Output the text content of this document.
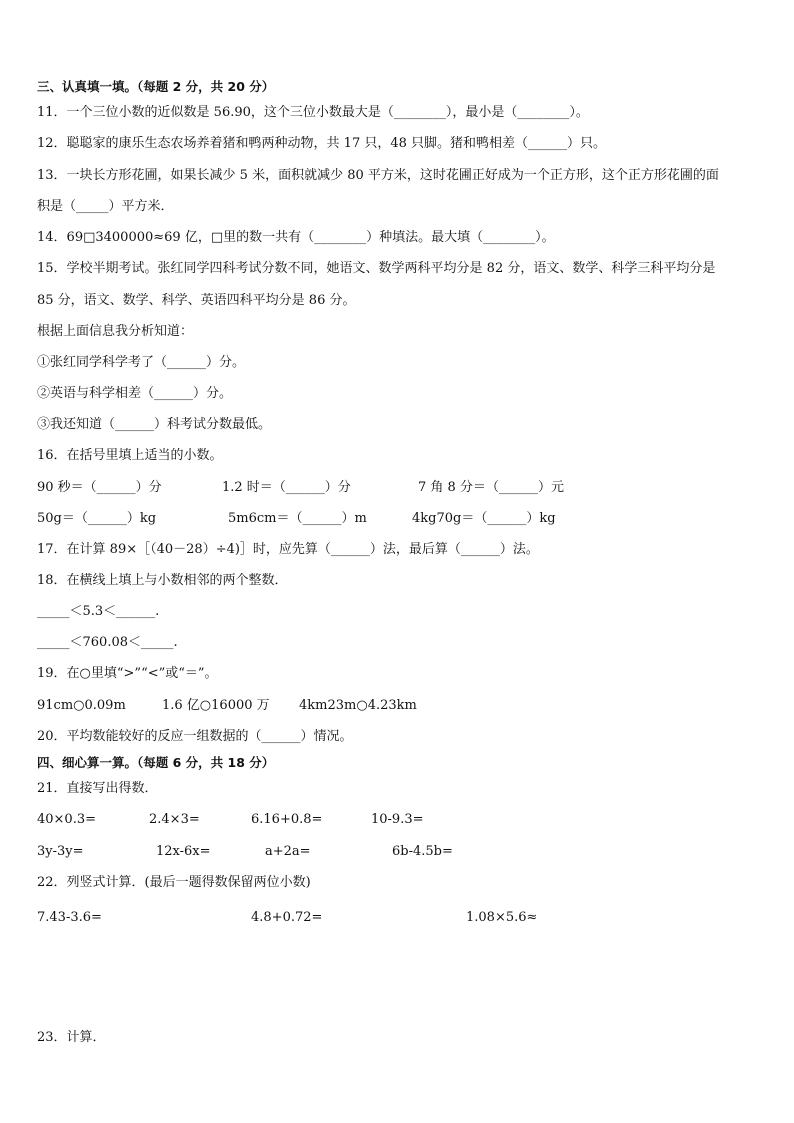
三、认真填一填。（每题 2 分，共 20 分）
11．一个三位小数的近似数是 56.90，这个三位小数最大是（________），最小是（________）。
12．聪聪家的康乐生态农场养着猪和鸭两种动物，共 17 只，48 只脚。猪和鸭相差（______）只。
13．一块长方形花圃，如果长减少 5 米，面积就减少 80 平方米，这时花圃正好成为一个正方形，这个正方形花圃的面
积是（_____）平方米．
14．69□3400000≈69 亿，□里的数一共有（________）种填法。最大填（________）。
15．学校半期考试。张红同学四科考试分数不同，她语文、数学两科平均分是 82 分，语文、数学、科学三科平均分是
85 分，语文、数学、科学、英语四科平均分是 86 分。
根据上面信息我分析知道：
①张红同学科学考了（______）分。
②英语与科学相差（______）分。
③我还知道（______）科考试分数最低。
16．在括号里填上适当的小数。
90 秒＝（______）分	1.2 时＝（______）分	7 角 8 分＝（______）元
50g＝（______）kg	5m6cm＝（______）m	4kg70g＝（______）kg
17．在计算 89×［（40－28）÷4)］时，应先算（______）法，最后算（______）法。
18．在横线上填上与小数相邻的两个整数．
_____＜5.3＜______.
_____＜760.08＜_____.
19．在○里填“>”“<”或“＝”。
91cm○0.09m	1.6 亿○16000 万 4km23m○4.23km
20．平均数能较好的反应一组数据的（______）情况。
四、细心算一算。（每题 6 分，共 18 分）
21．直接写出得数．
40×0.3=	2.4×3=	6.16+0.8=	10-9.3=
3y-3y=	12x-6x=	a+2a=	6b-4.5b=
22．列竖式计算．(最后一题得数保留两位小数)
7.43-3.6=	4.8+0.72=	1.08×5.6≈
23．计算．
